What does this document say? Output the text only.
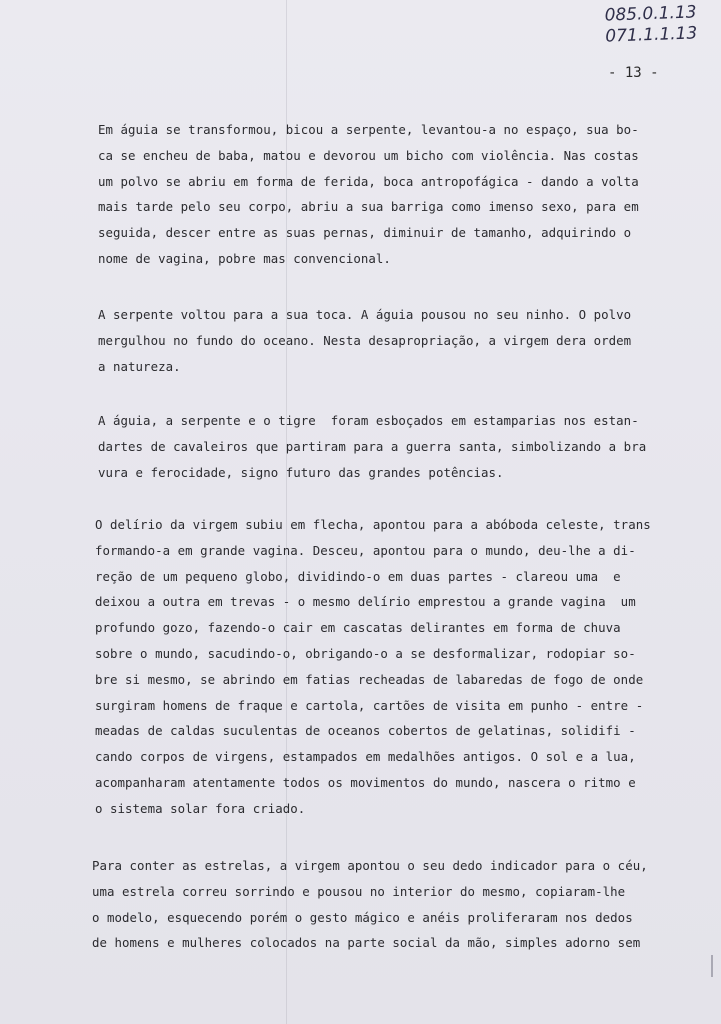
085.0.1.13
071.1.1.13
- 13 -
Em águia se transformou, bicou a serpente, levantou-a no espaço, sua bo-
ca se encheu de baba, matou e devorou um bicho com violência. Nas costas
um polvo se abriu em forma de ferida, boca antropofágica - dando a volta
mais tarde pelo seu corpo, abriu a sua barriga como imenso sexo, para em
seguida, descer entre as suas pernas, diminuir de tamanho, adquirindo o
nome de vagina, pobre mas convencional.
A serpente voltou para a sua toca. A águia pousou no seu ninho. O polvo
mergulhou no fundo do oceano. Nesta desapropriação, a virgem dera ordem
a natureza.
A águia, a serpente e o tigre  foram esboçados em estamparias nos estan-
dartes de cavaleiros que partiram para a guerra santa, simbolizando a bra
vura e ferocidade, signo futuro das grandes potências.
O delírio da virgem subiu em flecha, apontou para a abóboda celeste, trans
formando-a em grande vagina. Desceu, apontou para o mundo, deu-lhe a di-
reção de um pequeno globo, dividindo-o em duas partes - clareou uma  e
deixou a outra em trevas - o mesmo delírio emprestou a grande vagina  um
profundo gozo, fazendo-o cair em cascatas delirantes em forma de chuva
sobre o mundo, sacudindo-o, obrigando-o a se desformalizar, rodopiar so-
bre si mesmo, se abrindo em fatias recheadas de labaredas de fogo de onde
surgiram homens de fraque e cartola, cartões de visita em punho - entre -
meadas de caldas suculentas de oceanos cobertos de gelatinas, solidifi -
cando corpos de virgens, estampados em medalhões antigos. O sol e a lua,
acompanharam atentamente todos os movimentos do mundo, nascera o ritmo e
o sistema solar fora criado.
Para conter as estrelas, a virgem apontou o seu dedo indicador para o céu,
uma estrela correu sorrindo e pousou no interior do mesmo, copiaram-lhe
o modelo, esquecendo porém o gesto mágico e anéis proliferaram nos dedos
de homens e mulheres colocados na parte social da mão, simples adorno sem
